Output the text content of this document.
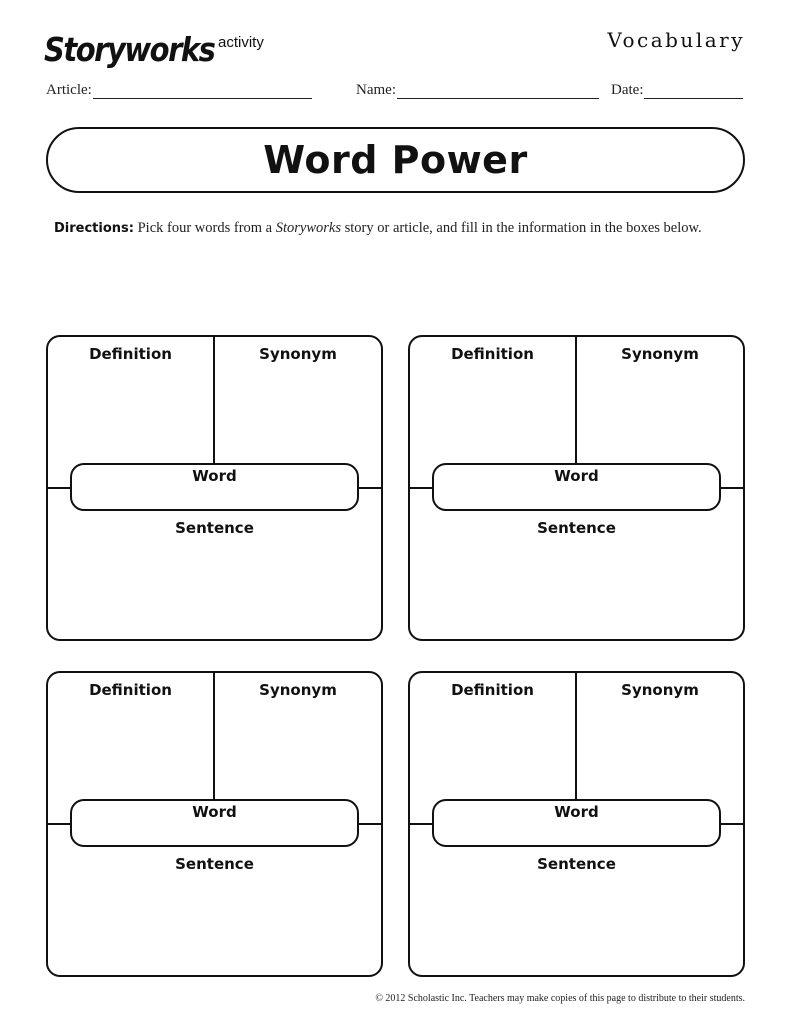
Storyworks activity	Vocabulary
Article:	Name:	Date:
Word Power
Directions: Pick four words from a Storyworks story or article, and fill in the information in the boxes below.
Definition	Synonym
Word
Sentence
Definition	Synonym
Word
Sentence
Definition	Synonym
Word
Sentence
Definition	Synonym
Word
Sentence
© 2012 Scholastic Inc. Teachers may make copies of this page to distribute to their students.
